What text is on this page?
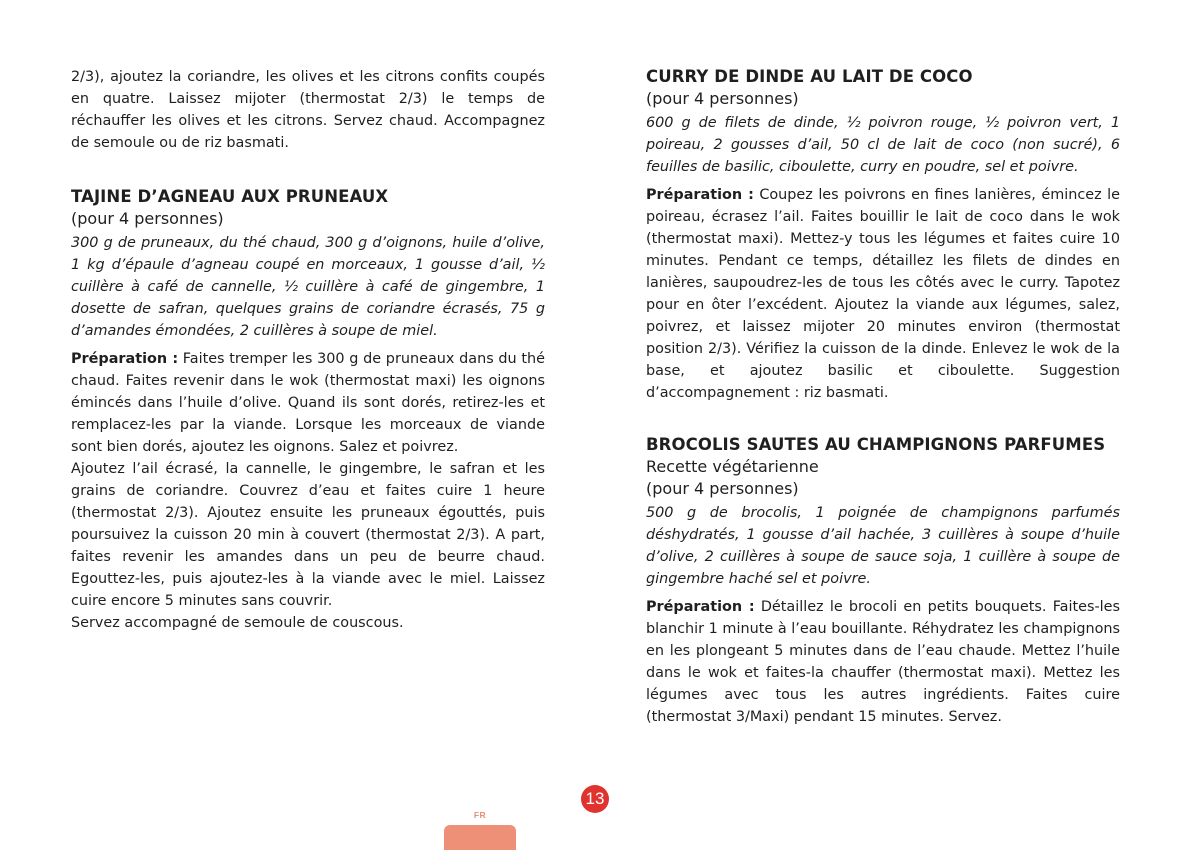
2/3), ajoutez la coriandre, les olives et les citrons confits coupés en quatre. Laissez mijoter (thermostat 2/3) le temps de réchauffer les olives et les citrons. Servez chaud. Accompagnez de semoule ou de riz basmati.

TAJINE D’AGNEAU AUX PRUNEAUX
(pour 4 personnes)

300 g de pruneaux, du thé chaud, 300 g d’oignons, huile d’olive, 1 kg d’épaule d’agneau coupé en morceaux, 1 gousse d’ail, ½ cuillère à café de cannelle, ½ cuillère à café de gingembre, 1 dosette de safran, quelques grains de coriandre écrasés, 75 g d’amandes émondées, 2 cuillères à soupe de miel.

Préparation : Faites tremper les 300 g de pruneaux dans du thé chaud. Faites revenir dans le wok (thermostat maxi) les oignons émincés dans l’huile d’olive. Quand ils sont dorés, retirez-les et remplacez-les par la viande. Lorsque les morceaux de viande sont bien dorés, ajoutez les oignons. Salez et poivrez.

Ajoutez l’ail écrasé, la cannelle, le gingembre, le safran et les grains de coriandre. Couvrez d’eau et faites cuire 1 heure (thermostat 2/3). Ajoutez ensuite les pruneaux égouttés, puis poursuivez la cuisson 20 min à couvert (thermostat 2/3). A part, faites revenir les amandes dans un peu de beurre chaud. Egouttez-les, puis ajoutez-les à la viande avec le miel. Laissez cuire encore 5 minutes sans couvrir.

Servez accompagné de semoule de couscous.

CURRY DE DINDE AU LAIT DE COCO
(pour 4 personnes)

600 g de filets de dinde, ½ poivron rouge, ½ poivron vert, 1 poireau, 2 gousses d’ail, 50 cl de lait de coco (non sucré), 6 feuilles de basilic, ciboulette, curry en poudre, sel et poivre.

Préparation : Coupez les poivrons en fines lanières, émincez le poireau, écrasez l’ail. Faites bouillir le lait de coco dans le wok (thermostat maxi). Mettez-y tous les légumes et faites cuire 10 minutes. Pendant ce temps, détaillez les filets de dindes en lanières, saupoudrez-les de tous les côtés avec le curry. Tapotez pour en ôter l’excédent. Ajoutez la viande aux légumes, salez, poivrez, et laissez mijoter 20 minutes environ (thermostat position 2/3). Vérifiez la cuisson de la dinde. Enlevez le wok de la base, et ajoutez basilic et ciboulette. Suggestion d’accompagnement : riz basmati.

BROCOLIS SAUTES AU CHAMPIGNONS PARFUMES
Recette végétarienne
(pour 4 personnes)

500 g de brocolis, 1 poignée de champignons parfumés déshydratés, 1 gousse d’ail hachée, 3 cuillères à soupe d’huile d’olive, 2 cuillères à soupe de sauce soja, 1 cuillère à soupe de gingembre haché sel et poivre.

Préparation : Détaillez le brocoli en petits bouquets. Faites-les blanchir 1 minute à l’eau bouillante. Réhydratez les champignons en les plongeant 5 minutes dans de l’eau chaude. Mettez l’huile dans le wok et faites-la chauffer (thermostat maxi). Mettez les légumes avec tous les autres ingrédients. Faites cuire (thermostat 3/Maxi) pendant 15 minutes. Servez.

13
FR
